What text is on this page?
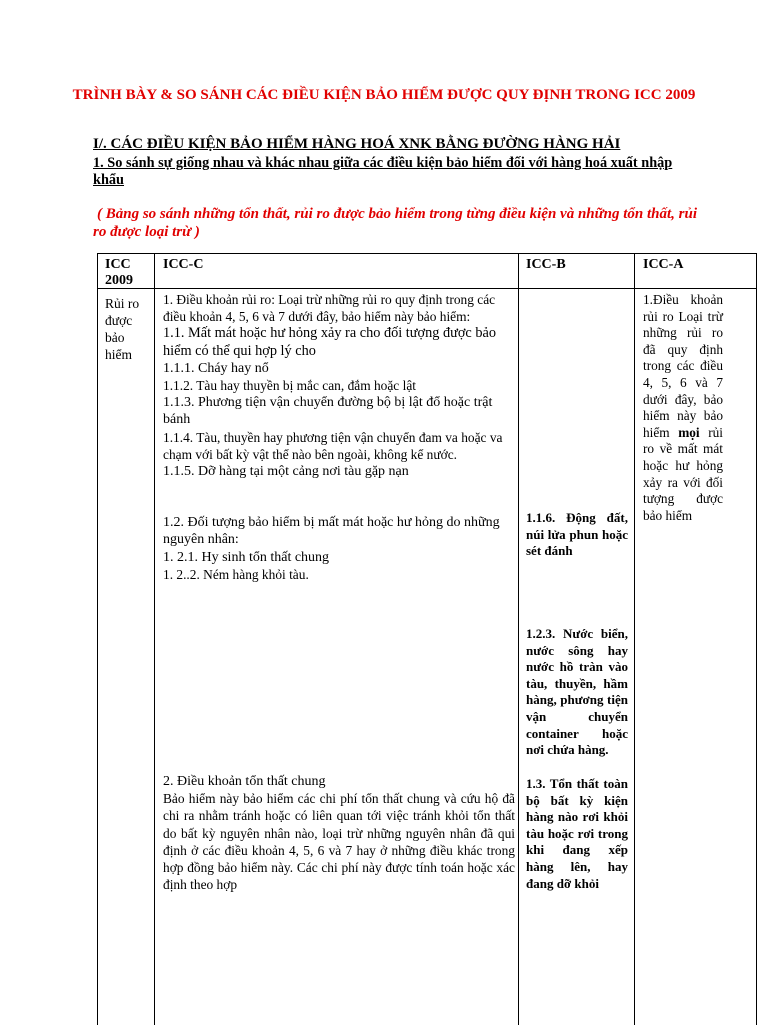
TRÌNH BÀY & SO SÁNH CÁC ĐIỀU KIỆN BẢO HIỂM ĐƯỢC QUY ĐỊNH TRONG ICC 2009
I/. CÁC ĐIỀU KIỆN BẢO HIỂM HÀNG HOÁ XNK BẰNG ĐƯỜNG HÀNG HẢI
1. So sánh sự giống nhau và khác nhau giữa các điều kiện bảo hiểm đối với hàng hoá xuất nhập khẩu
( Bảng so sánh những tổn thất, rủi ro được bảo hiểm trong từng điều kiện và những tổn thất, rủi ro được loại trừ )
ICC 2009
ICC-C	ICC-B	ICC-A
Rủi ro được bảo hiểm

1. Điều khoản rủi ro: Loại trừ những rủi ro quy định trong các điều khoản 4, 5, 6 và 7 dưới đây, bảo hiểm này bảo hiểm:

1.1. Mất mát hoặc hư hỏng xảy ra cho đối tượng được bảo hiểm có thể qui hợp lý cho

1.1.1. Cháy hay nổ

1.1.2. Tàu hay thuyền bị mắc can, đắm hoặc lật

1.1.3. Phương tiện vận chuyển đường bộ bị lật đổ hoặc trật bánh

1.1.4. Tàu, thuyền hay phương tiện vận chuyển đam va hoặc va chạm với bất kỳ vật thể nào bên ngoài, không kể nước.

1.1.5. Dỡ hàng tại một cảng nơi tàu gặp nạn

1.2. Đối tượng bảo hiểm bị mất mát hoặc hư hỏng do những nguyên nhân:

1. 2.1. Hy sinh tổn thất chung

1. 2..2. Ném hàng khỏi tàu.

2. Điều khoản tổn thất chung

Bảo hiểm này bảo hiểm các chi phí tổn thất chung và cứu hộ đã chi ra nhằm tránh hoặc có liên quan tới việc tránh khỏi tổn thất do bất kỳ nguyên nhân nào, loại trừ những nguyên nhân đã qui định ở các điều khoản 4, 5, 6 và 7 hay ở những điều khác trong hợp đồng bảo hiểm này. Các chi phí này được tính toán hoặc xác định theo hợp

1.1.6. Động đất, núi lửa phun hoặc sét đánh
1.2.3. Nước biển, nước sông hay nước hồ tràn vào tàu, thuyền, hầm hàng, phương tiện vận chuyển container hoặc nơi chứa hàng.
1.3. Tổn thất toàn bộ bất kỳ kiện hàng nào rơi khỏi tàu hoặc rơi trong khi đang xếp hàng lên, hay đang dỡ khỏi
1.Điều khoản rủi ro Loại trừ những rủi ro đã quy định trong các điều 4, 5, 6 và 7 dưới đây, bảo hiểm này bảo hiểm mọi rủi ro về mất mát hoặc hư hỏng xảy ra với đối tượng được bảo hiểm
